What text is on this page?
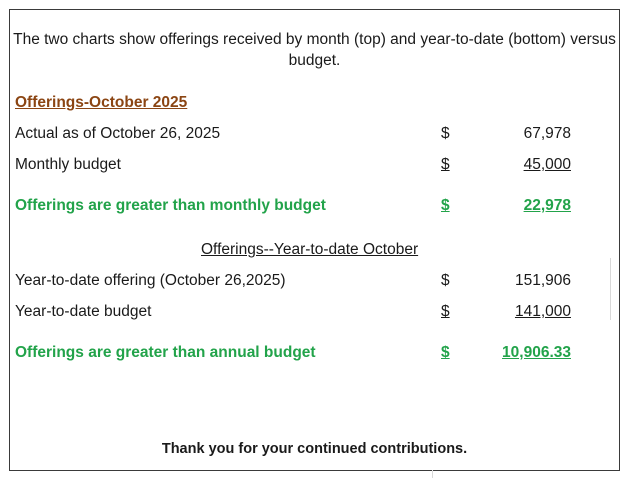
The two charts show offerings received by month (top) and year-to-date (bottom) versus budget.
Offerings-October 2025
Actual as of October 26, 2025	$	67,978
Monthly budget	$	45,000
Offerings are greater than monthly budget	$	22,978
Offerings--Year-to-date October
Year-to-date offering (October 26,2025)	$	151,906
Year-to-date budget	$	141,000
Offerings are greater than annual budget	$	10,906.33
Thank you for your continued contributions.
